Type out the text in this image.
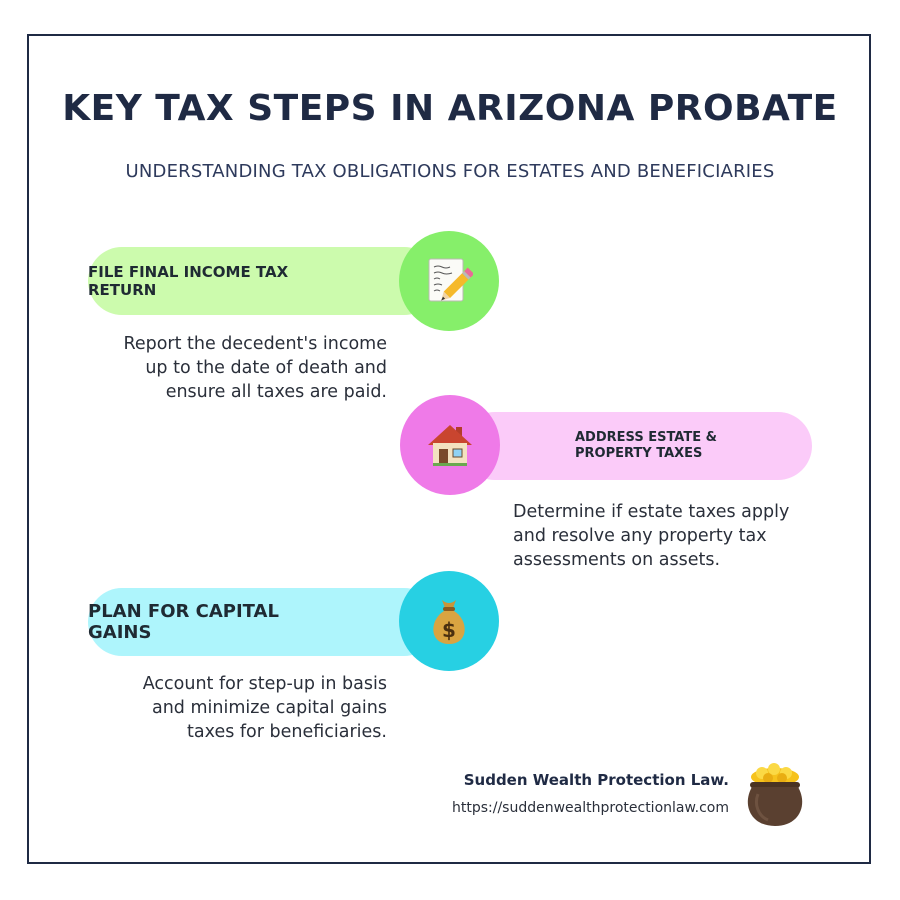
KEY TAX STEPS IN ARIZONA PROBATE

UNDERSTANDING TAX OBLIGATIONS FOR ESTATES AND BENEFICIARIES

FILE FINAL INCOME TAX RETURN

Report the decedent's income
up to the date of death and
ensure all taxes are paid.

ADDRESS ESTATE & PROPERTY TAXES

Determine if estate taxes apply
and resolve any property tax
assessments on assets.

PLAN FOR CAPITAL GAINS	$

Account for step-up in basis
and minimize capital gains
taxes for beneficiaries.

Sudden Wealth Protection Law.
https://suddenwealthprotectionlaw.com
